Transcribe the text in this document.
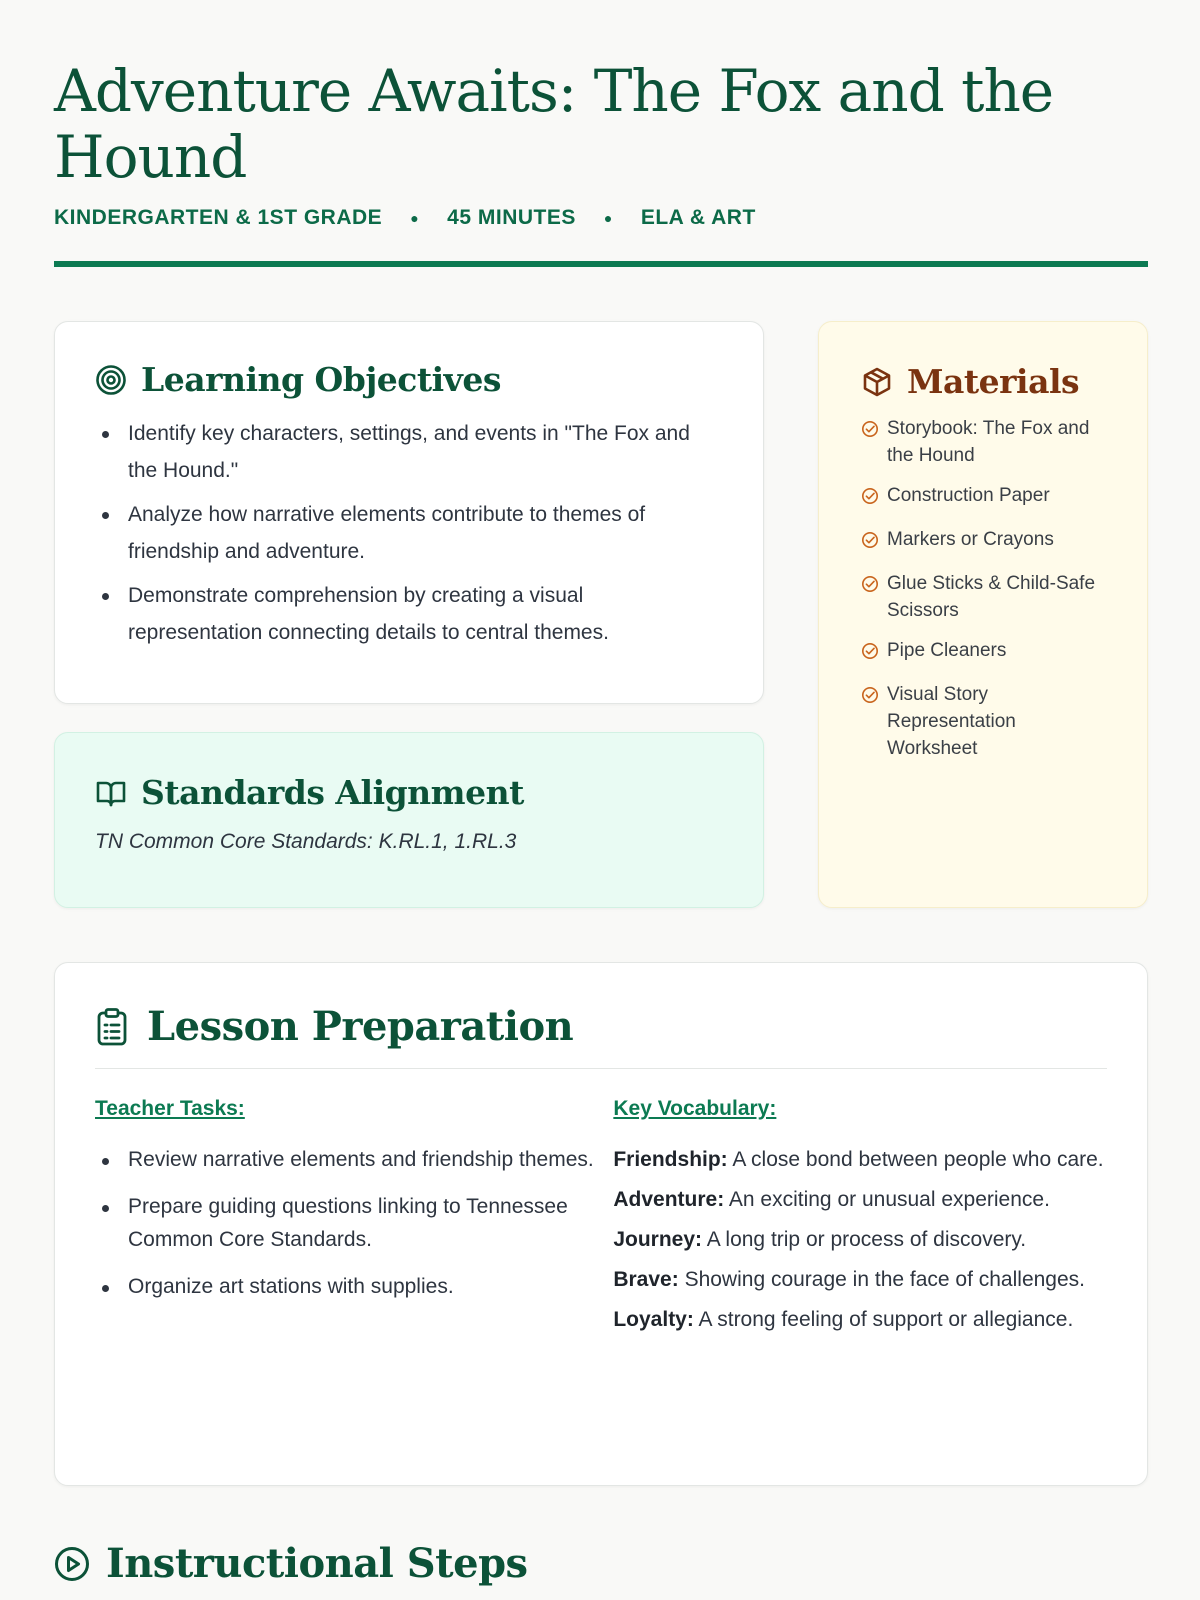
Adventure Awaits: The Fox and the Hound
KINDERGARTEN & 1ST GRADE ● 45 MINUTES ● ELA & ART
Learning Objectives
Identify key characters, settings, and events in "The Fox and the Hound."
Analyze how narrative elements contribute to themes of friendship and adventure.
Demonstrate comprehension by creating a visual representation connecting details to central themes.
Standards Alignment

TN Common Core Standards: K.RL.1, 1.RL.3

Materials
Storybook: The Fox and the Hound
Construction Paper
Markers or Crayons
Glue Sticks & Child-Safe Scissors
Pipe Cleaners
Visual Story Representation Worksheet
Lesson Preparation
Teacher Tasks:
Review narrative elements and friendship themes.
Prepare guiding questions linking to Tennessee Common Core Standards.
Organize art stations with supplies.
Key Vocabulary:

Friendship: A close bond between people who care.

Adventure: An exciting or unusual experience.

Journey: A long trip or process of discovery.

Brave: Showing courage in the face of challenges.

Loyalty: A strong feeling of support or allegiance.

Instructional Steps
